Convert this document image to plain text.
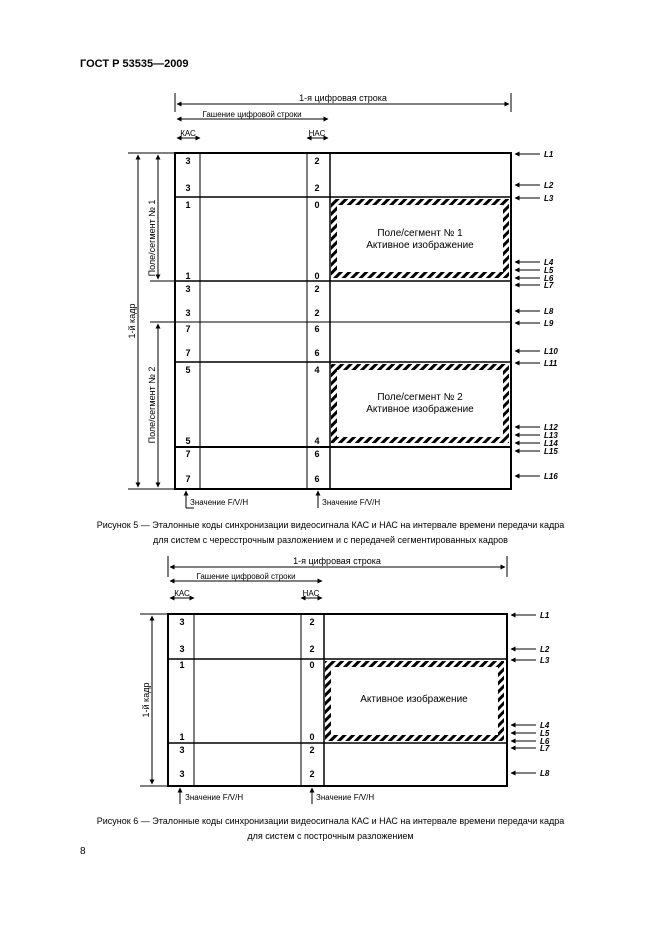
ГОСТ Р 53535—2009
1-я цифровая строка
Гашение цифровой строки
КАС	НАС
Поле/сегмент № 1
Активное изображение
Поле/сегмент № 2
Активное изображение
3
3
1
1
3
3
7
7
5
5
7
7
2
2
0
0
2
2
6
6
4
4
6
6
1-й кадр
Поле/сегмент № 1
Поле/сегмент № 2
Значение F/V/H	Значение F/V/H
L1
L2
L3
L4
L5
L6
L7
L8
L9
L10
L11
L12
L13
L14
L15
L16
1-я цифровая строка
Гашение цифровой строки
КАС	НАС
Активное изображение
3
3
1
1
3
3
2
2
0
0
2
2
1-й кадр
Значение F/V/H	Значение F/V/H
L1
L2
L3
L4
L5
L6
L7
L8
Рисунок 5 — Эталонные коды синхронизации видеосигнала КАС и НАС на интервале времени передачи кадра
для систем с чересстрочным разложением и с передачей сегментированных кадров
Рисунок 6 — Эталонные коды синхронизации видеосигнала КАС и НАС на интервале времени передачи кадра
для систем с построчным разложением
8
